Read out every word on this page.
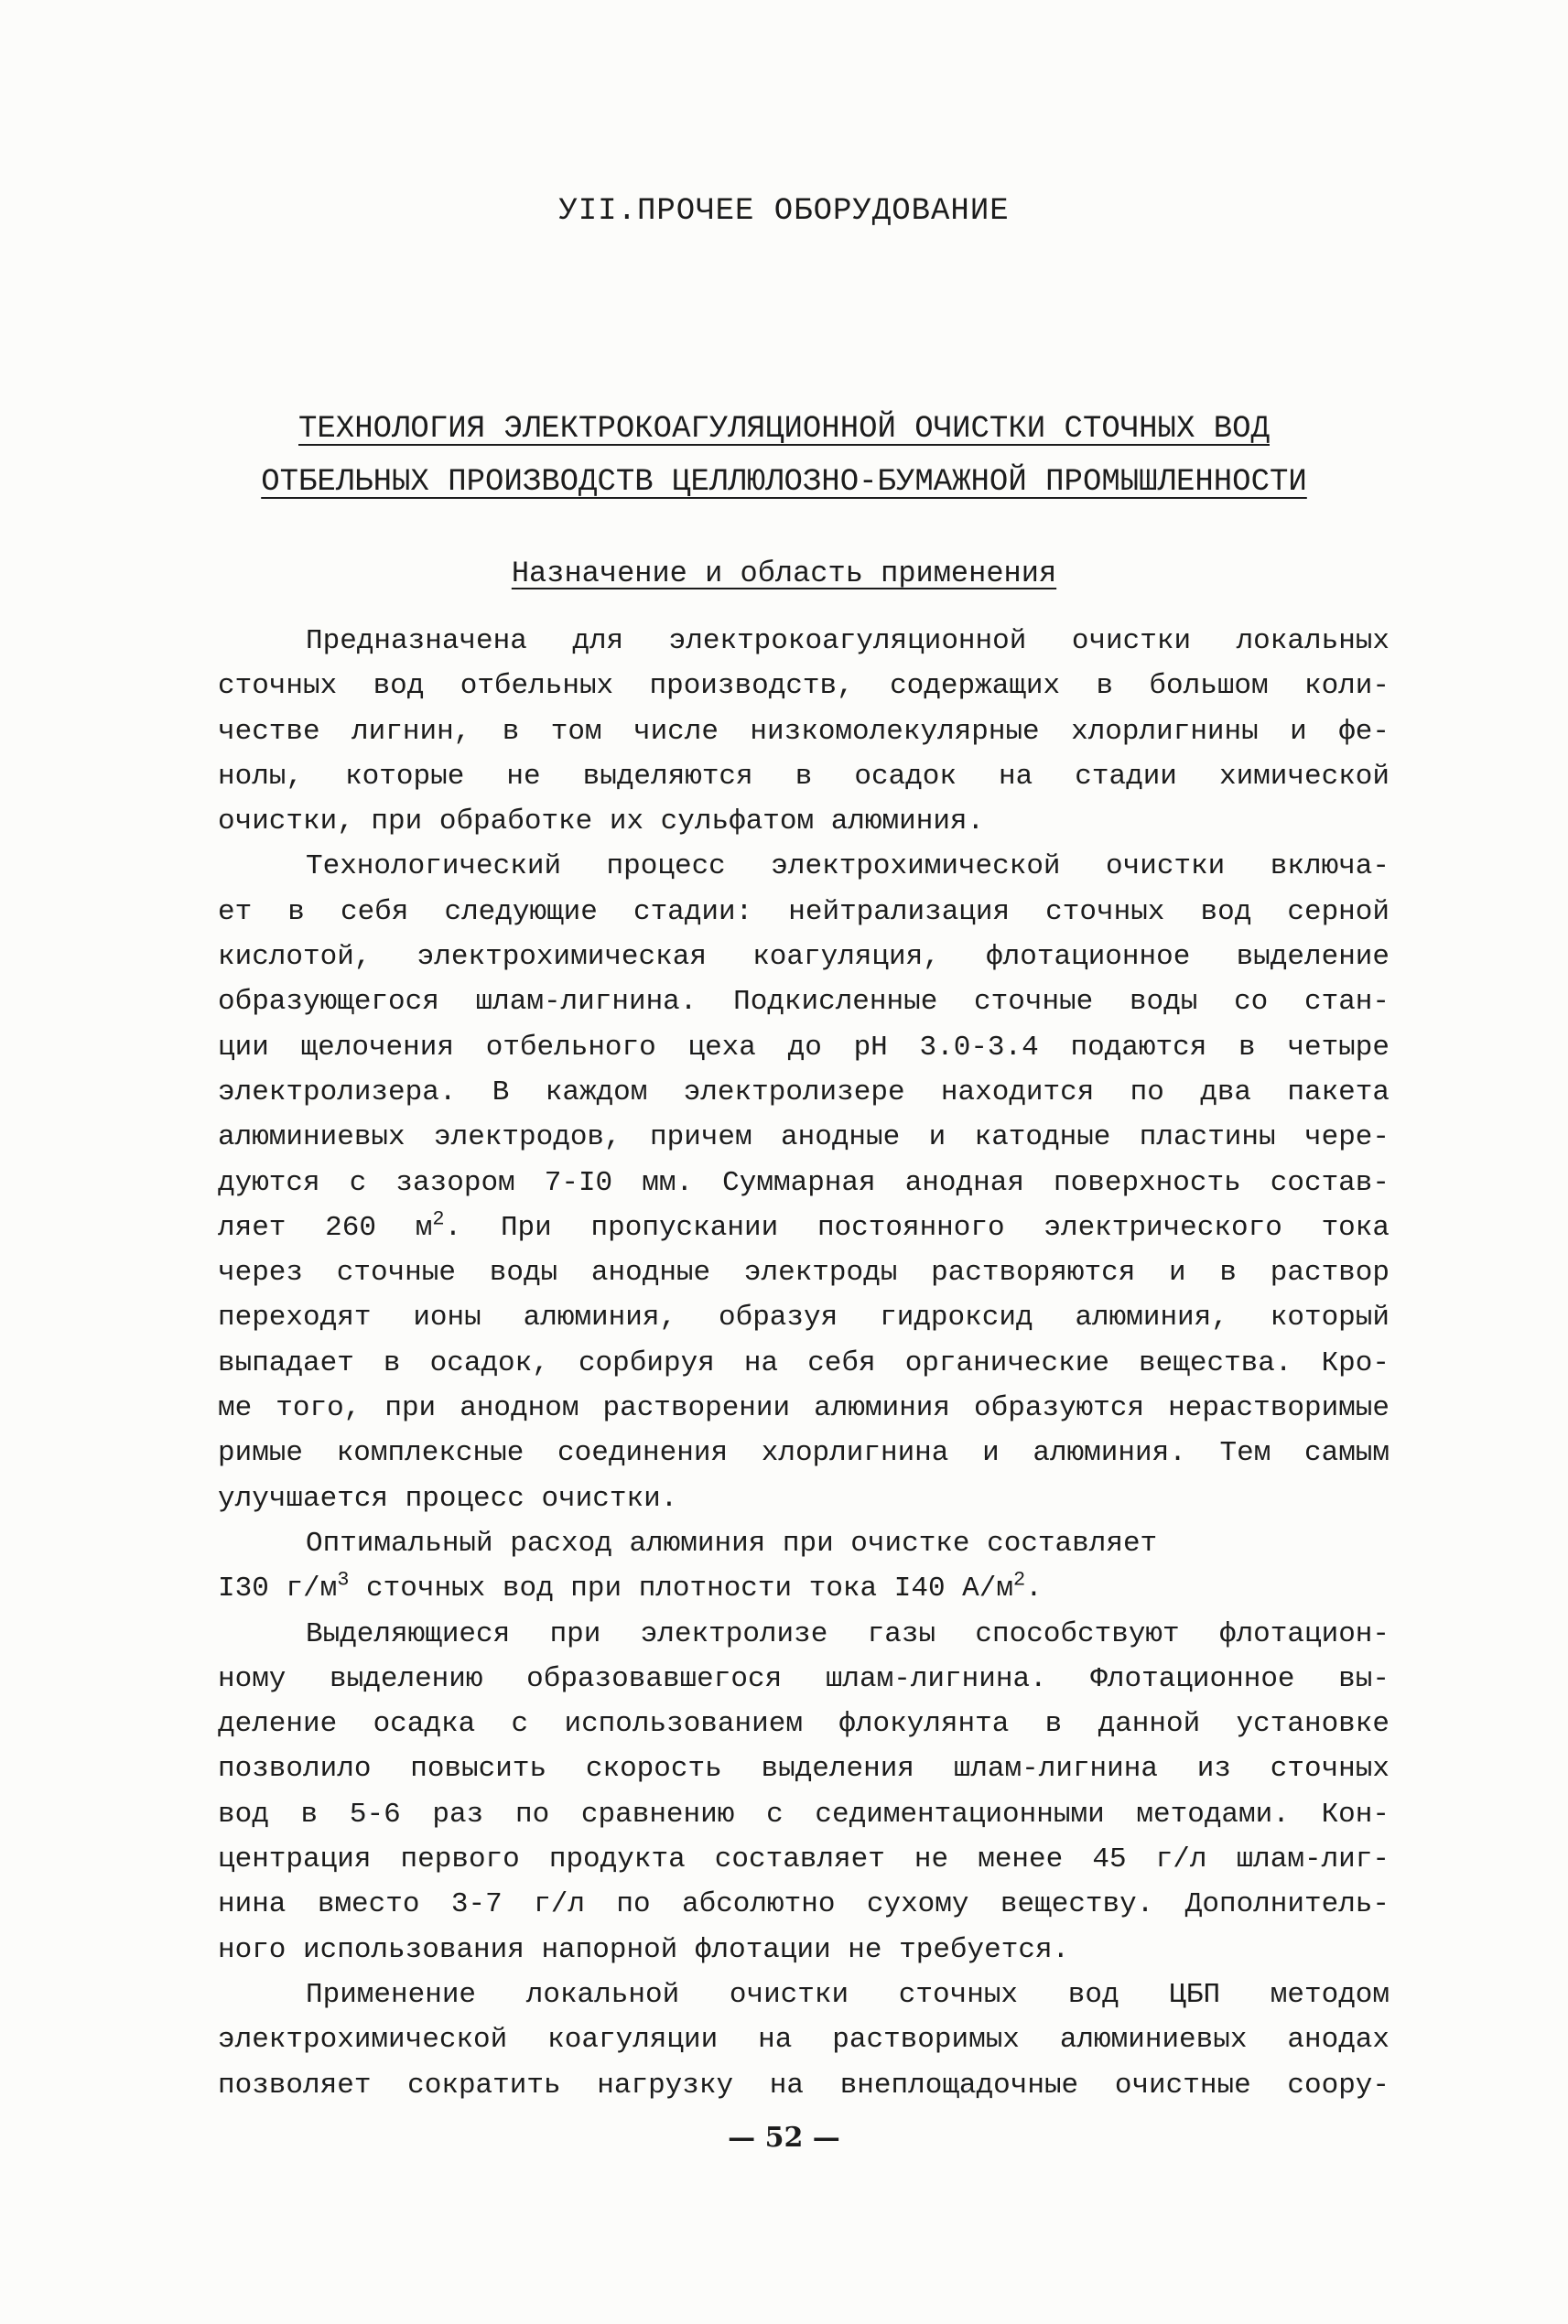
УII.ПРОЧЕЕ ОБОРУДОВАНИЕ
ТЕХНОЛОГИЯ ЭЛЕКТРОКОАГУЛЯЦИОННОЙ ОЧИСТКИ СТОЧНЫХ ВОД
ОТБЕЛЬНЫХ ПРОИЗВОДСТВ ЦЕЛЛЮЛОЗНО-БУМАЖНОЙ ПРОМЫШЛЕННОСТИ
Назначение и область применения

Предназначена для электрокоагуляционной очистки локальных
сточных вод отбельных производств, содержащих в большом коли-
честве лигнин, в том числе низкомолекулярные хлорлигнины и фе-
нолы, которые не выделяются в осадок на стадии химической
очистки, при обработке их сульфатом алюминия.

Технологический процесс электрохимической очистки включа-
ет в себя следующие стадии: нейтрализация сточных вод серной
кислотой, электрохимическая коагуляция, флотационное выделение
образующегося шлам-лигнина. Подкисленные сточные воды со стан-
ции щелочения отбельного цеха до pH 3.0-3.4 подаются в четыре
электролизера. В каждом электролизере находится по два пакета
алюминиевых электродов, причем анодные и катодные пластины чере-
дуются с зазором 7-I0 мм. Суммарная анодная поверхность состав-
ляет 260 $м^2$. При пропускании постоянного электрического тока
через сточные воды анодные электроды растворяются и в раствор
переходят ионы алюминия, образуя гидроксид алюминия, который
выпадает в осадок, сорбируя на себя органические вещества. Кро-
ме того, при анодном растворении алюминия образуются нерастворимые
римые комплексные соединения хлорлигнина и алюминия. Тем самым
улучшается процесс очистки.

Оптимальный расход алюминия при очистке составляет
I30 $г/м^3$ сточных вод при плотности тока I40 $А/м^2$.

Выделяющиеся при электролизе газы способствуют флотацион-
ному выделению образовавшегося шлам-лигнина. Флотационное вы-
деление осадка с использованием флокулянта в данной установке
позволило повысить скорость выделения шлам-лигнина из сточных
вод в 5-6 раз по сравнению с седиментационными методами. Кон-
центрация первого продукта составляет не менее 45 г/л шлам-лиг-
нина вместо 3-7 г/л по абсолютно сухому веществу. Дополнитель-
ного использования напорной флотации не требуется.

Применение локальной очистки сточных вод ЦБП методом
электрохимической коагуляции на растворимых алюминиевых анодах
позволяет сократить нагрузку на внеплощадочные очистные соору-

— 52 —
